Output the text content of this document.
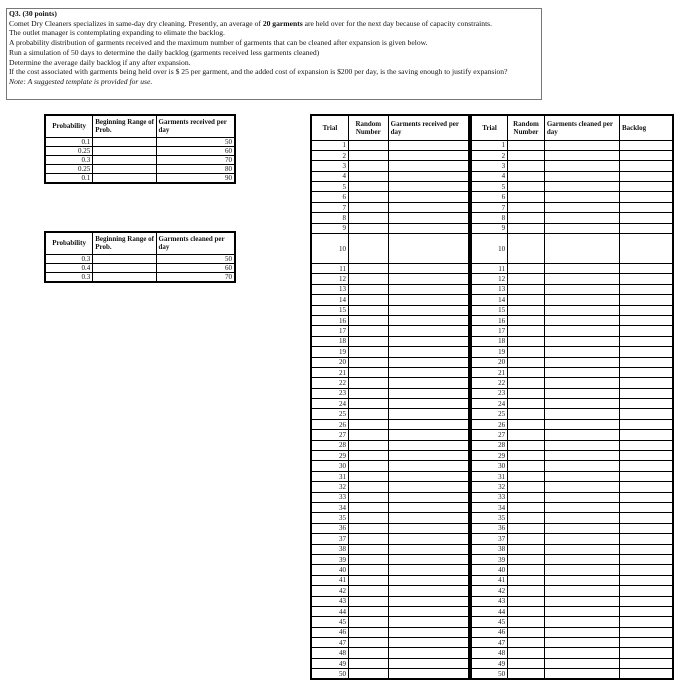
Q3. (30 points)
Comet Dry Cleaners specializes in same-day dry cleaning. Presently, an average of 20 garments are held over for the next day because of capacity constraints.
The outlet manager is contemplating expanding to elimate the backlog.
A probability distribution of garments received and the maximum number of garments that can be cleaned after expansion is given below.
Run a simulation of 50 days to determine the daily backlog (garments received less garments cleaned)
Determine the average daily backlog if any after expansion.
If the cost associated with garments being held over is $ 25 per garment, and the added cost of expansion is $200 per day, is the saving enough to justify expansion?
Note: A suggested template is provided for use.
Probability	Beginning Range of Prob.	Garments received per day
0.1		50
0.25		60
0.3		70
0.25		80
0.1		90
Probability	Beginning Range of Prob.	Garments cleaned per day
0.3		50
0.4		60
0.3		70
Trial	Random Number	Garments received per day
1		
2		
3		
4		
5		
6		
7		
8		
9		
10		
11		
12		
13		
14		
15		
16		
17		
18		
19		
20		
21		
22		
23		
24		
25		
26		
27		
28		
29		
30		
31		
32		
33		
34		
35		
36		
37		
38		
39		
40		
41		
42		
43		
44		
45		
46		
47		
48		
49		
50		
Trial	Random Number	Garments cleaned per day	Backlog
1			
2			
3			
4			
5			
6			
7			
8			
9			
10			
11			
12			
13			
14			
15			
16			
17			
18			
19			
20			
21			
22			
23			
24			
25			
26			
27			
28			
29			
30			
31			
32			
33			
34			
35			
36			
37			
38			
39			
40			
41			
42			
43			
44			
45			
46			
47			
48			
49			
50			
